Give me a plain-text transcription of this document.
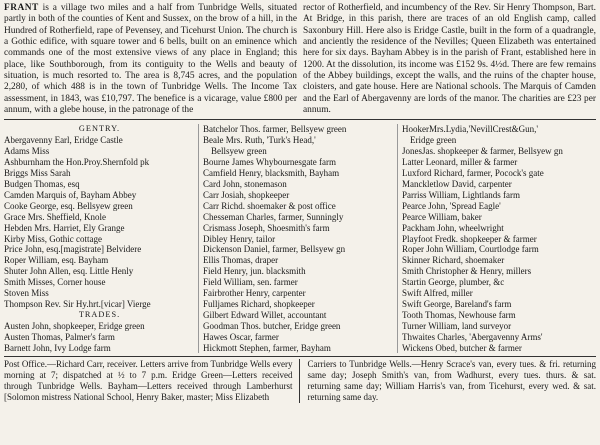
FRANT is a village two miles and a half from Tunbridge Wells, situated partly in both of the counties of Kent and Sussex, on the brow of a hill, in the Hundred of Rotherfield, rape of Pevensey, and Ticehurst Union. The church is a Gothic edifice, with square tower and 6 bells, built on an eminence which commands one of the most extensive views of any place in England; this place, like Southborough, from its contiguity to the Wells and beauty of situation, is much resorted to. The area is 8,745 acres, and the population 2,280, of which 488 is in the town of Tunbridge Wells. The Income Tax assessment, in 1843, was £10,797. The benefice is a vicarage, value £800 per annum, with a glebe house, in the patronage of the

rector of Rotherfield, and incumbency of the Rev. Sir Henry Thompson, Bart. At Bridge, in this parish, there are traces of an old English camp, called Saxonbury Hill. Here also is Eridge Castle, built in the form of a quadrangle, and anciently the residence of the Nevilles; Queen Elizabeth was entertained here for six days. Bayham Abbey is in the parish of Frant, established here in 1200. At the dissolution, its income was £152 9s. 4½d. There are few remains of the Abbey buildings, except the walls, and the ruins of the chapter house, cloisters, and gate house. Here are National schools. The Marquis of Camden and the Earl of Abergavenny are lords of the manor. The charities are £23 per annum.

GENTRY.
Abergavenny Earl, Eridge Castle
Adams Miss
Ashburnham the Hon.Proy.Shernfold pk
Briggs Miss Sarah
Budgen Thomas, esq
Camden Marquis of, Bayham Abbey
Cooke George, esq. Bellsyew green
Grace Mrs. Sheffield, Knole
Hebden Mrs. Harriet, Ely Grange
Kirby Miss, Gothic cottage
Price John, esq.[magistrate] Belvidere
Roper William, esq. Bayham
Shuter John Allen, esq. Little Henly
Smith Misses, Corner house
Stoven Miss
Thompson Rev. Sir Hy.hrt.[vicar] Vierge
TRADES.
Austen John, shopkeeper, Eridge green
Austen Thomas, Palmer's farm
Barnett John, Ivy Lodge farm
Batchelor Thos. farmer, Bellsyew green
Beale Mrs. Ruth, 'Turk's Head,'
Bellsyew green
Bourne James Whybournesgate farm
Camfield Henry, blacksmith, Bayham
Card John, stonemason
Carr Josiah, shopkeeper
Carr Richd. shoemaker & post office
Chesseman Charles, farmer, Sunningly
Crismass Joseph, Shoesmith's farm
Dibley Henry, tailor
Dickenson Daniel, farmer, Bellsyew gn
Ellis Thomas, draper
Field Henry, jun. blacksmith
Field William, sen. farmer
Fairbrother Henry, carpenter
Fulljames Richard, shopkeeper
Gilbert Edward Willet, accountant
Goodman Thos. butcher, Eridge green
Hawes Oscar, farmer
Hickmott Stephen, farmer, Bayham
HookerMrs.Lydia,'NevillCrest&Gun,'
Eridge green
JonesJas. shopkeeper & farmer, Bellsyew gn
Latter Leonard, miller & farmer
Luxford Richard, farmer, Pocock's gate
Manckletlow David, carpenter
Parriss William, Lightlands farm
Pearce John, 'Spread Eagle'
Pearce William, baker
Packham John, wheelwright
Playfoot Fredk. shopkeeper & farmer
Roper John William, Courtlodge farm
Skinner Richard, shoemaker
Smith Christopher & Henry, millers
Startin George, plumber, &c
Swift Alfred, miller
Swift George, Bareland's farm
Tooth Thomas, Newhouse farm
Turner William, land surveyor
Thwaites Charles, 'Abergavenny Arms'
Wickens Obed, butcher & farmer

Post Office.—Richard Carr, receiver. Letters arrive from Tunbridge Wells every morning at 7; dispatched at ½ to 7 p.m. Eridge Green—Letters received through Tunbridge Wells. Bayham—Letters received through Lamberhurst [Solomon mistress National School, Henry Baker, master; Miss Elizabeth

Carriers to Tunbridge Wells.—Henry Scrace's van, every tues. & fri. returning same day; Joseph Smith's van, from Wadhurst, every tues. thurs. & sat. returning same day; William Harris's van, from Ticehurst, every wed. & sat. returning same day.
